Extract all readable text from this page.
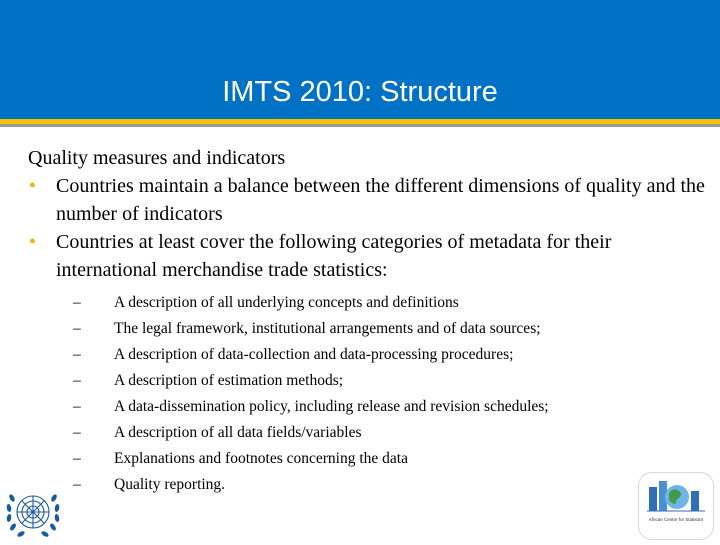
IMTS 2010: Structure

Quality measures and indicators

• Countries maintain a balance between the different dimensions of quality and the number of indicators
• Countries at least cover the following categories of metadata for their international merchandise trade statistics:
– A description of all underlying concepts and definitions
– The legal framework, institutional arrangements and of data sources;
– A description of data-collection and data-processing procedures;
– A description of estimation methods;
– A data-dissemination policy, including release and revision schedules;
– A description of all data fields/variables
– Explanations and footnotes concerning the data
– Quality reporting.
African Centre for Statistics
